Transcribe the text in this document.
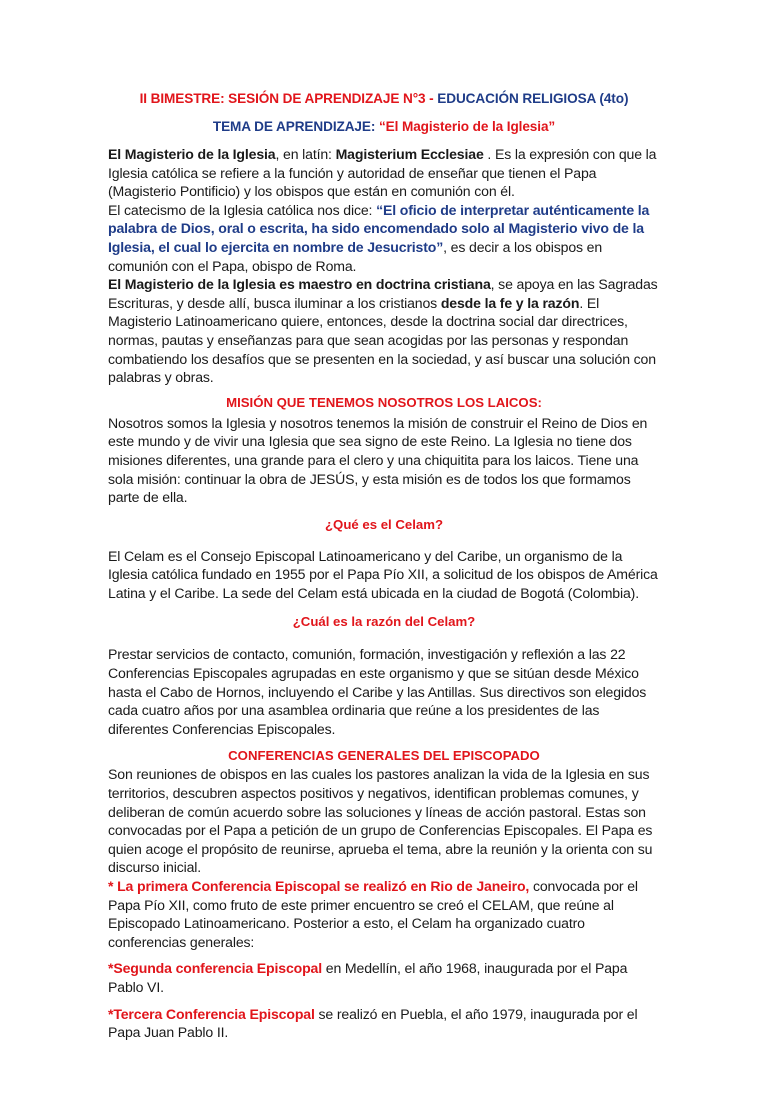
II BIMESTRE: SESIÓN DE APRENDIZAJE N°3 - EDUCACIÓN RELIGIOSA (4to)

TEMA DE APRENDIZAJE: “El Magisterio de la Iglesia”

El Magisterio de la Iglesia, en latín: Magisterium Ecclesiae . Es la expresión con que la Iglesia católica se refiere a la función y autoridad de enseñar que tienen el Papa (Magisterio Pontificio) y los obispos que están en comunión con él.

El catecismo de la Iglesia católica nos dice: “El oficio de interpretar auténticamente la palabra de Dios, oral o escrita, ha sido encomendado solo al Magisterio vivo de la Iglesia, el cual lo ejercita en nombre de Jesucristo”, es decir a los obispos en comunión con el Papa, obispo de Roma.

El Magisterio de la Iglesia es maestro en doctrina cristiana, se apoya en las Sagradas Escrituras, y desde allí, busca iluminar a los cristianos desde la fe y la razón. El Magisterio Latinoamericano quiere, entonces, desde la doctrina social dar directrices, normas, pautas y enseñanzas para que sean acogidas por las personas y respondan combatiendo los desafíos que se presenten en la sociedad, y así buscar una solución con palabras y obras.

MISIÓN QUE TENEMOS NOSOTROS LOS LAICOS:

Nosotros somos la Iglesia y nosotros tenemos la misión de construir el Reino de Dios en este mundo y de vivir una Iglesia que sea signo de este Reino. La Iglesia no tiene dos misiones diferentes, una grande para el clero y una chiquitita para los laicos. Tiene una sola misión: continuar la obra de JESÚS, y esta misión es de todos los que formamos parte de ella.

¿Qué es el Celam?

El Celam es el Consejo Episcopal Latinoamericano y del Caribe, un organismo de la Iglesia católica fundado en 1955 por el Papa Pío XII, a solicitud de los obispos de América Latina y el Caribe. La sede del Celam está ubicada en la ciudad de Bogotá (Colombia).

¿Cuál es la razón del Celam?

Prestar servicios de contacto, comunión, formación, investigación y reflexión a las 22 Conferencias Episcopales agrupadas en este organismo y que se sitúan desde México hasta el Cabo de Hornos, incluyendo el Caribe y las Antillas. Sus directivos son elegidos cada cuatro años por una asamblea ordinaria que reúne a los presidentes de las diferentes Conferencias Episcopales.

CONFERENCIAS GENERALES DEL EPISCOPADO

Son reuniones de obispos en las cuales los pastores analizan la vida de la Iglesia en sus territorios, descubren aspectos positivos y negativos, identifican problemas comunes, y deliberan de común acuerdo sobre las soluciones y líneas de acción pastoral. Estas son convocadas por el Papa a petición de un grupo de Conferencias Episcopales. El Papa es quien acoge el propósito de reunirse, aprueba el tema, abre la reunión y la orienta con su discurso inicial.

* La primera Conferencia Episcopal se realizó en Rio de Janeiro, convocada por el Papa Pío XII, como fruto de este primer encuentro se creó el CELAM, que reúne al Episcopado Latinoamericano. Posterior a esto, el Celam ha organizado cuatro conferencias generales:

*Segunda conferencia Episcopal en Medellín, el año 1968, inaugurada por el Papa Pablo VI.

*Tercera Conferencia Episcopal se realizó en Puebla, el año 1979, inaugurada por el Papa Juan Pablo II.
